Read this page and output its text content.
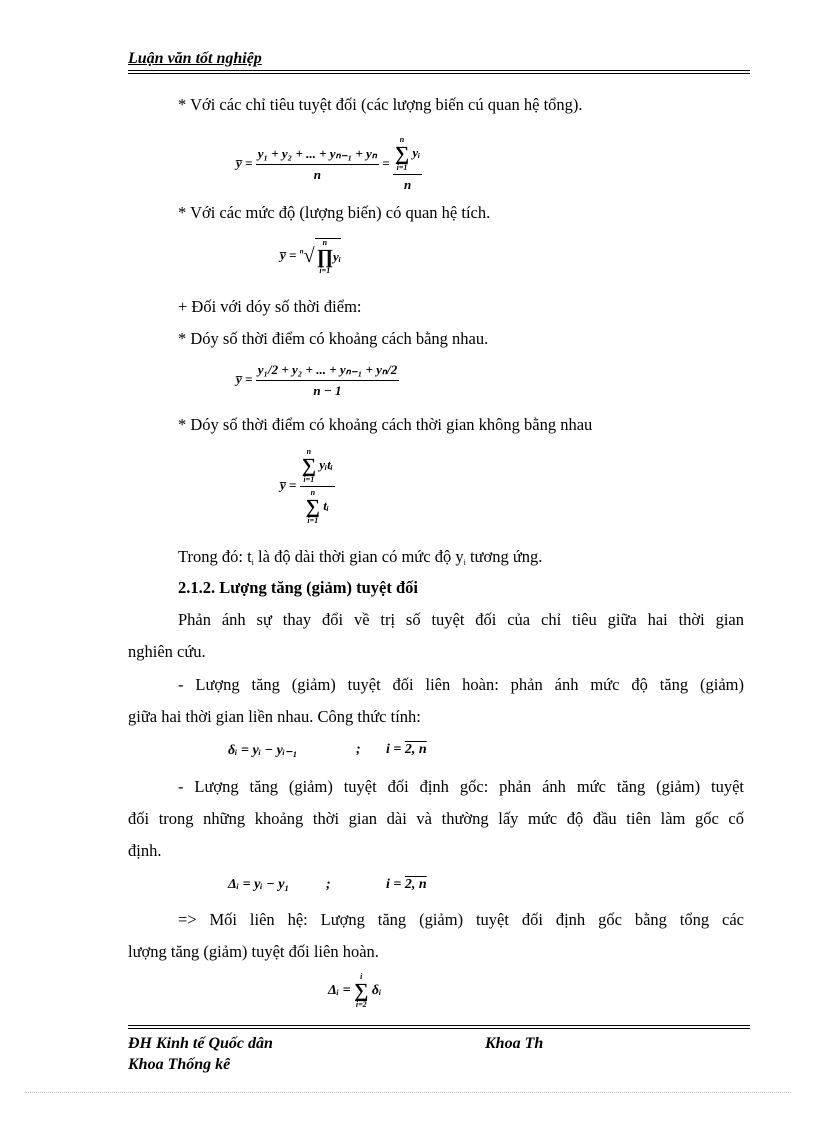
Luận văn tốt nghiệp
* Với các chỉ tiêu tuyệt đối (các lượng biến cú quan hệ tổng).
y̅ = $\frac{\text{y₁ + y₂ + ... + yₙ₋₁ + yₙ}}{n} = n$
∑
i=1
yᵢ
n
* Với các mức độ (lượng biến) có quan hệ tích.
y̅ = $^n$√
n
∏
i=1
yᵢ
+ Đối với dóy số thời điểm:
* Dóy số thời điểm có khoảng cách bằng nhau.
y̅ = $\frac{\text{y₁/2 + y₂ + ... + yₙ₋₁ + yₙ/2}}{n - 1}$
* Dóy số thời điểm có khoảng cách thời gian không bằng nhau
y̅ = n
∑
i=1
yᵢtᵢ
n
∑
i=1
tᵢ
Trong đó: $t_i$ là độ dài thời gian có mức độ $y_i$ tương ứng.
2.1.2. Lượng tăng (giảm) tuyệt đối
Phản ánh sự thay đổi về trị số tuyệt đối của chỉ tiêu giữa hai thời gian
nghiên cứu.
- Lượng tăng (giảm) tuyệt đối liên hoàn: phản ánh mức độ tăng (giảm)
giữa hai thời gian liền nhau. Công thức tính:
δᵢ = yᵢ − yᵢ₋₁	; i = 2, n
- Lượng tăng (giảm) tuyệt đối định gốc: phản ánh mức tăng (giảm) tuyệt
đối trong những khoảng thời gian dài và thường lấy mức độ đầu tiên làm gốc cố
định.
Δᵢ = yᵢ − y₁	;	i = 2, n
=> Mối liên hệ: Lượng tăng (giảm) tuyệt đối định gốc bằng tổng các
lượng tăng (giảm) tuyệt đối liên hoàn.
Δᵢ =
i
∑
i=2
δᵢ
ĐH Kinh tế Quốc dân	Khoa Th
Khoa Thống kê
